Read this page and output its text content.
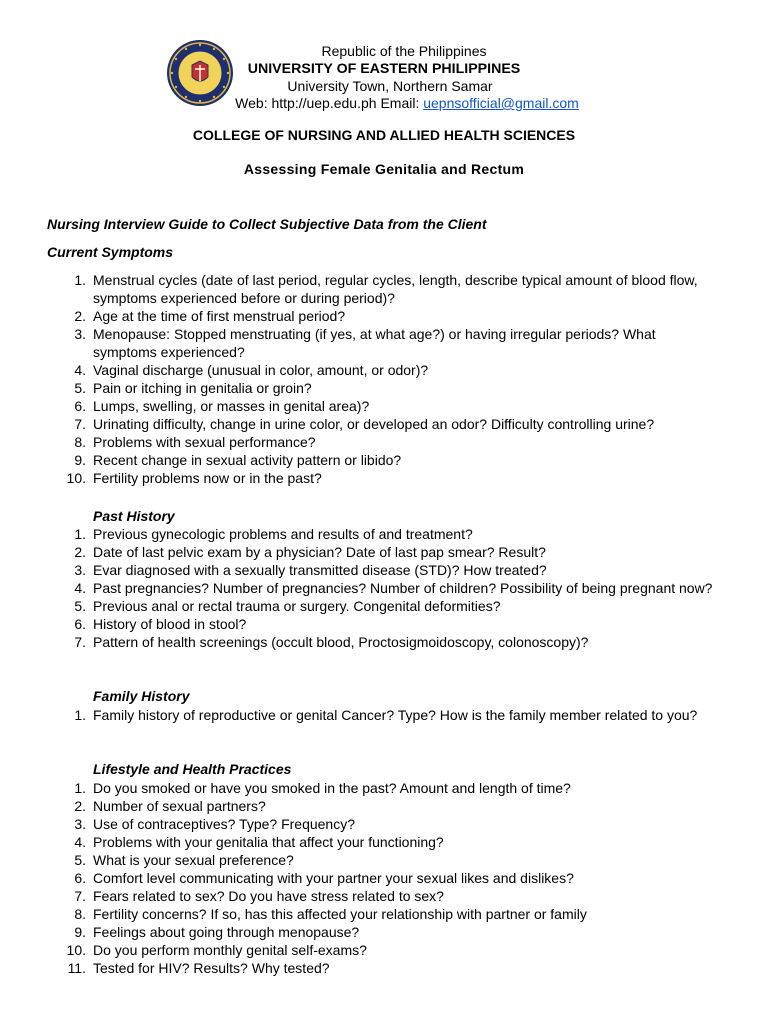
Republic of the Philippines
UNIVERSITY OF EASTERN PHILIPPINES
University Town, Northern Samar
Web: http://uep.edu.ph Email: uepnsofficial@gmail.com
COLLEGE OF NURSING AND ALLIED HEALTH SCIENCES
Assessing Female Genitalia and Rectum
Nursing Interview Guide to Collect Subjective Data from the Client
Current Symptoms
1. Menstrual cycles (date of last period, regular cycles, length, describe typical amount of blood flow, symptoms experienced before or during period)?
2. Age at the time of first menstrual period?
3. Menopause: Stopped menstruating (if yes, at what age?) or having irregular periods? What symptoms experienced?
4. Vaginal discharge (unusual in color, amount, or odor)?
5. Pain or itching in genitalia or groin?
6. Lumps, swelling, or masses in genital area)?
7. Urinating difficulty, change in urine color, or developed an odor? Difficulty controlling urine?
8. Problems with sexual performance?
9. Recent change in sexual activity pattern or libido?
10. Fertility problems now or in the past?
Past History
1. Previous gynecologic problems and results of and treatment?
2. Date of last pelvic exam by a physician? Date of last pap smear? Result?
3. Evar diagnosed with a sexually transmitted disease (STD)? How treated?
4. Past pregnancies? Number of pregnancies? Number of children? Possibility of being pregnant now?
5. Previous anal or rectal trauma or surgery. Congenital deformities?
6. History of blood in stool?
7. Pattern of health screenings (occult blood, Proctosigmoidoscopy, colonoscopy)?
Family History
1. Family history of reproductive or genital Cancer? Type? How is the family member related to you?
Lifestyle and Health Practices
1. Do you smoked or have you smoked in the past? Amount and length of time?
2. Number of sexual partners?
3. Use of contraceptives? Type? Frequency?
4. Problems with your genitalia that affect your functioning?
5. What is your sexual preference?
6. Comfort level communicating with your partner your sexual likes and dislikes?
7. Fears related to sex? Do you have stress related to sex?
8. Fertility concerns? If so, has this affected your relationship with partner or family
9. Feelings about going through menopause?
10. Do you perform monthly genital self-exams?
11. Tested for HIV? Results? Why tested?
